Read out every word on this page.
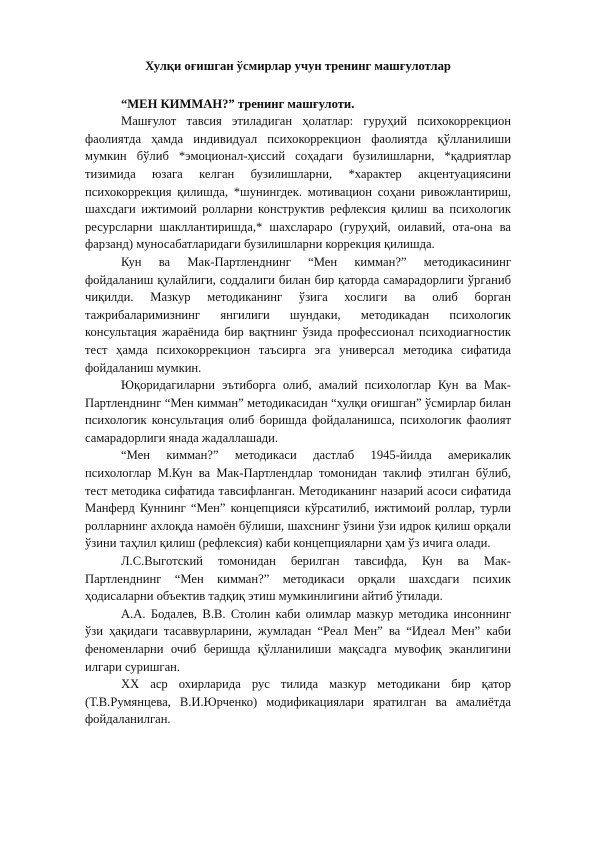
Хулқи оғишган ўсмирлар учун тренинг машғулотлар

“МЕН КИММАН?” тренинг машғулоти.

Машғулот тавсия этиладиган ҳолатлар: гуруҳий психокоррекцион фаолиятда ҳамда индивидуал психокоррекцион фаолиятда қўлланилиши мумкин бўлиб *эмоционал-ҳиссий соҳадаги бузилишларни, *қадриятлар тизимида юзага келган бузилишларни, *характер акцентуациясини психокоррекция қилишда, *шунингдек. мотивацион соҳани ривожлантириш, шахсдаги ижтимоий ролларни конструктив рефлексия қилиш ва психологик ресурсларни шакллантиришда,* шахслараро (гуруҳий, оилавий, ота-она ва фарзанд) муносабатларидаги бузилишларни коррекция қилишда.

Кун ва Мак-Партленднинг “Мен кимман?” методикасининг фойдаланиш қулайлиги, соддалиги билан бир қаторда самарадорлиги ўрганиб чиқилди. Мазкур методиканинг ўзига хослиги ва олиб борган тажрибаларимизнинг янгилиги шундаки, методикадан психологик консультация жараёнида бир вақтнинг ўзида профессионал психодиагностик тест ҳамда психокоррекцион таъсирга эга универсал методика сифатида фойдаланиш мумкин.

Юқоридагиларни эътиборга олиб, амалий психологлар Кун ва Мак-Партленднинг “Мен кимман” методикасидан “хулқи оғишган” ўсмирлар билан психологик консультация олиб боришда фойдаланишса, психологик фаолият самарадорлиги янада жадаллашади.

“Мен кимман?” методикаси дастлаб 1945-йилда америкалик психологлар М.Кун ва Мак-Партлендлар томонидан таклиф этилган бўлиб, тест методика сифатида тавсифланган. Методиканинг назарий асоси сифатида Манферд Куннинг “Мен” концепцияси кўрсатилиб, ижтимоий роллар, турли ролларнинг ахлоқда намоён бўлиши, шахснинг ўзини ўзи идрок қилиш орқали ўзини таҳлил қилиш (рефлексия) каби концепцияларни ҳам ўз ичига олади.

Л.С.Выготский томонидан берилган тавсифда, Кун ва Мак-Партленднинг “Мен кимман?” методикаси орқали шахсдаги психик ҳодисаларни объектив тадқиқ этиш мумкинлигини айтиб ўтилади.

А.А. Бодалев, В.В. Столин каби олимлар мазкур методика инсоннинг ўзи ҳақидаги тасаввурларини, жумладан “Реал Мен” ва “Идеал Мен” каби феноменларни очиб беришда қўлланилиши мақсадга мувофиқ эканлигини илгари суришган.

XX аср охирларида рус тилида мазкур методикани бир қатор (Т.В.Румянцева, В.И.Юрченко) модификациялари яратилган ва амалиётда фойдаланилган.
